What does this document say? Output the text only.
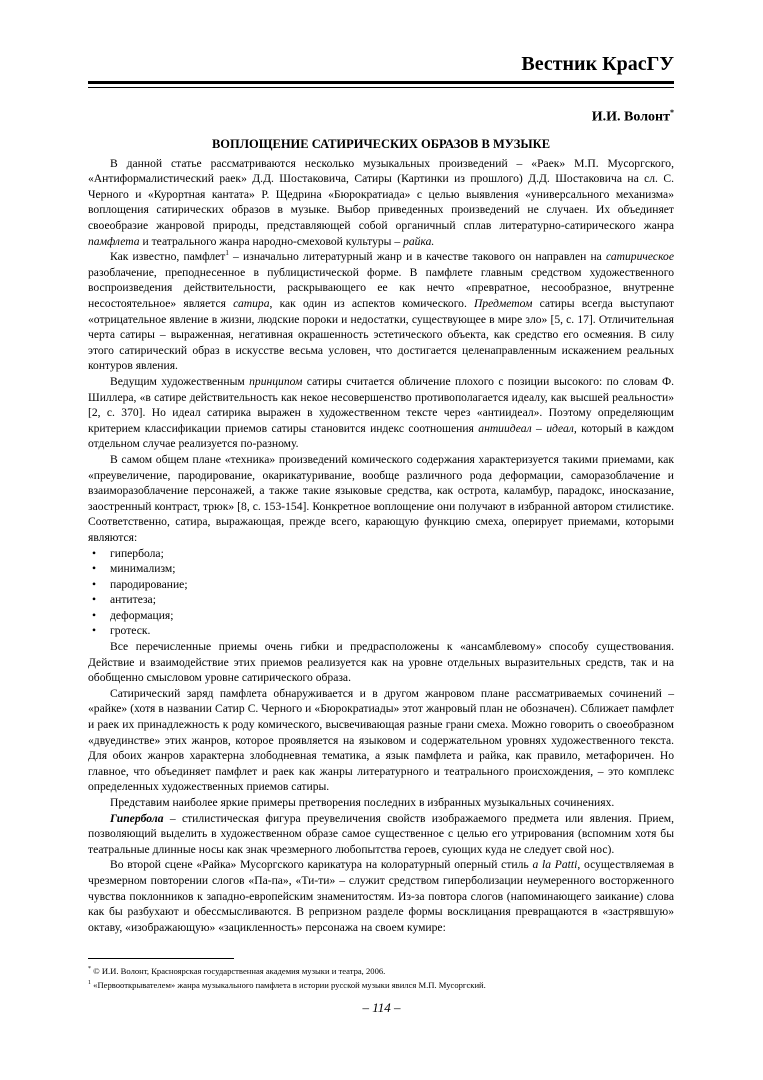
Вестник КрасГУ
И.И. Волонт*
ВОПЛОЩЕНИЕ САТИРИЧЕСКИХ ОБРАЗОВ В МУЗЫКЕ

В данной статье рассматриваются несколько музыкальных произведений – «Раек» М.П. Мусоргского, «Антиформалистический раек» Д.Д. Шостаковича, Сатиры (Картинки из прошлого) Д.Д. Шостаковича на сл. С. Черного и «Курортная кантата» Р. Щедрина «Бюрократиада» с целью выявления «универсального механизма» воплощения сатирических образов в музыке. Выбор приведенных произведений не случаен. Их объединяет своеобразие жанровой природы, представляющей собой органичный сплав литературно-сатирического жанра памфлета и театрального жанра народно-смеховой культуры – райка.

Как известно, памфлет$^1$ – изначально литературный жанр и в качестве такового он направлен на сатирическое разоблачение, преподнесенное в публицистической форме. В памфлете главным средством художественного воспроизведения действительности, раскрывающего ее как нечто «превратное, несообразное, внутренне несостоятельное» является сатира, как один из аспектов комического. Предметом сатиры всегда выступают «отрицательное явление в жизни, людские пороки и недостатки, существующее в мире зло» [5, с. 17]. Отличительная черта сатиры – выраженная, негативная окрашенность эстетического объекта, как средство его осмеяния. В силу этого сатирический образ в искусстве весьма условен, что достигается целенаправленным искажением реальных контуров явления.

Ведущим художественным принципом сатиры считается обличение плохого с позиции высокого: по словам Ф. Шиллера, «в сатире действительность как некое несовершенство противополагается идеалу, как высшей реальности» [2, с. 370]. Но идеал сатирика выражен в художественном тексте через «антиидеал». Поэтому определяющим критерием классификации приемов сатиры становится индекс соотношения антиидеал – идеал, который в каждом отдельном случае реализуется по-разному.

В самом общем плане «техника» произведений комического содержания характеризуется такими приемами, как «преувеличение, пародирование, окарикатуривание, вообще различного рода деформации, саморазоблачение и взаиморазоблачение персонажей, а также такие языковые средства, как острота, каламбур, парадокс, иносказание, заостренный контраст, трюк» [8, с. 153-154]. Конкретное воплощение они получают в избранной автором стилистике. Соответственно, сатира, выражающая, прежде всего, карающую функцию смеха, оперирует приемами, которыми являются:

• гипербола;
• минимализм;
• пародирование;
• антитеза;
• деформация;
• гротеск.

Все перечисленные приемы очень гибки и предрасположены к «ансамблевому» способу существования. Действие и взаимодействие этих приемов реализуется как на уровне отдельных выразительных средств, так и на обобщенно смысловом уровне сатирического образа.

Сатирический заряд памфлета обнаруживается и в другом жанровом плане рассматриваемых сочинений – «райке» (хотя в названии Сатир С. Черного и «Бюрократиады» этот жанровый план не обозначен). Сближает памфлет и раек их принадлежность к роду комического, высвечивающая разные грани смеха. Можно говорить о своеобразном «двуединстве» этих жанров, которое проявляется на языковом и содержательном уровнях художественного текста. Для обоих жанров характерна злободневная тематика, а язык памфлета и райка, как правило, метафоричен. Но главное, что объединяет памфлет и раек как жанры литературного и театрального происхождения, – это комплекс определенных художественных приемов сатиры.

Представим наиболее яркие примеры претворения последних в избранных музыкальных сочинениях.

Гипербола – стилистическая фигура преувеличения свойств изображаемого предмета или явления. Прием, позволяющий выделить в художественном образе самое существенное с целью его утрирования (вспомним хотя бы театральные длинные носы как знак чрезмерного любопытства героев, сующих куда не следует свой нос).

Во второй сцене «Райка» Мусоргского карикатура на колоратурный оперный стиль a la Patti, осуществляемая в чрезмерном повторении слогов «Па-па», «Ти-ти» – служит средством гиперболизации неумеренного восторженного чувства поклонников к западно-европейским знаменитостям. Из-за повтора слогов (напоминающего заикание) слова как бы разбухают и обессмысливаются. В репризном разделе формы восклицания превращаются в «застрявшую» октаву, «изображающую» «зацикленность» персонажа на своем кумире:

* © И.И. Волонт, Красноярская государственная академия музыки и театра, 2006.
$^1$ «Первооткрывателем» жанра музыкального памфлета в истории русской музыки явился М.П. Мусоргский.
– 114 –
